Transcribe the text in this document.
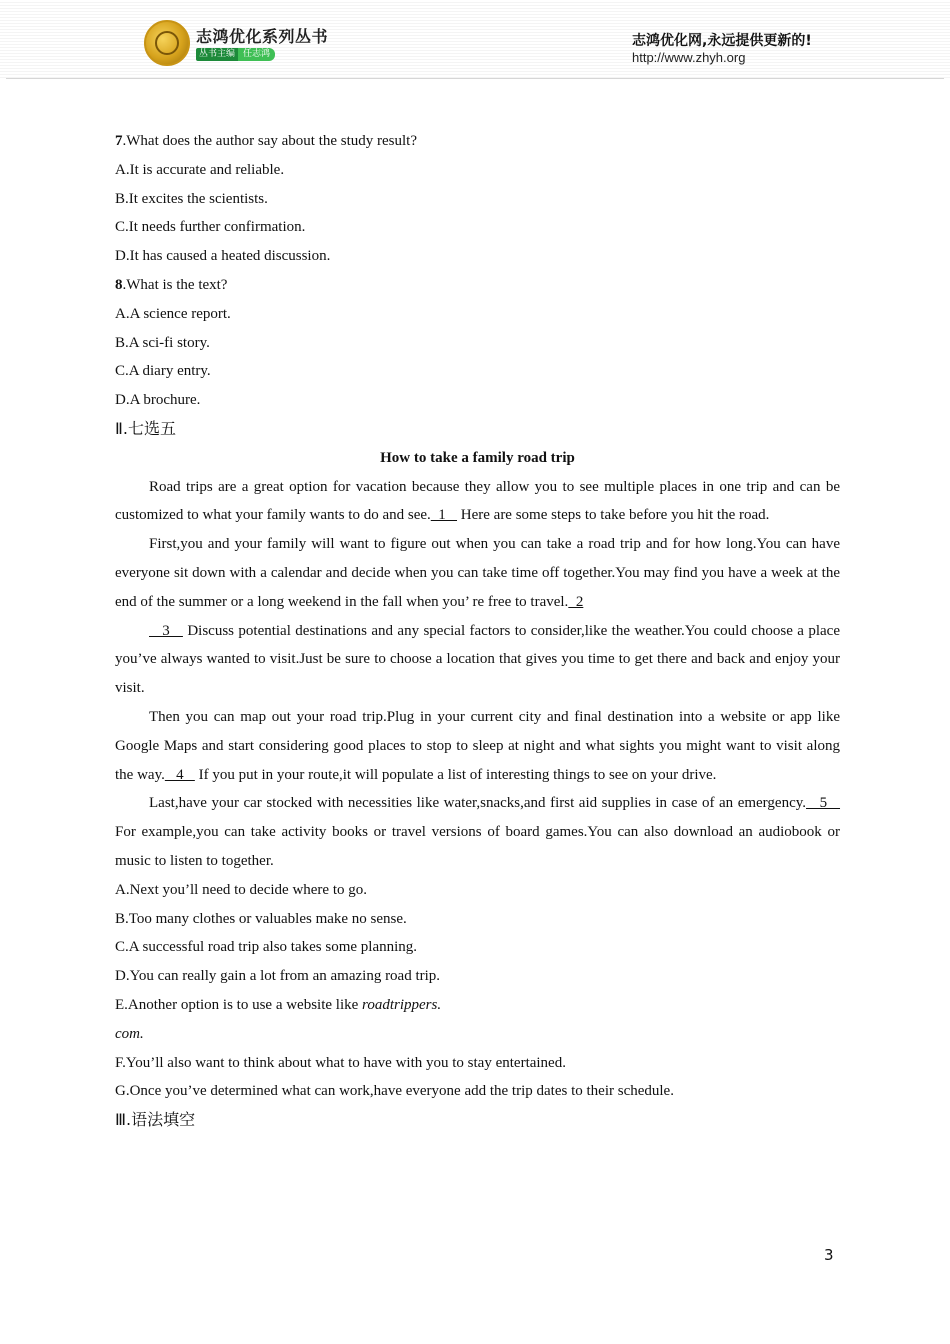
志鸿优化系列丛书
丛书主编 任志鸿
志鸿优化网,永远提供更新的!
http://www.zhyh.org
7.What does the author say about the study result?
A.It is accurate and reliable.
B.It excites the scientists.
C.It needs further confirmation.
D.It has caused a heated discussion.
8.What is the text?
A.A science report.
B.A sci-fi story.
C.A diary entry.
D.A brochure.
Ⅱ.七选五
How to take a family road trip
Road trips are a great option for vacation because they allow you to see multiple places in one trip and can be customized to what your family wants to do and see.  1    Here are some steps to take before you hit the road.
First,you and your family will want to figure out when you can take a road trip and for how long.You can have everyone sit down with a calendar and decide when you can take time off together.You may find you have a week at the end of the summer or a long weekend in the fall when you’ re free to travel.  2
3    Discuss potential destinations and any special factors to consider,like the weather.You could choose a place you’ve always wanted to visit.Just be sure to choose a location that gives you time to get there and back and enjoy your visit.
Then you can map out your road trip.Plug in your current city and final destination into a website or app like Google Maps and start considering good places to stop to sleep at night and what sights you might want to visit along the way.   4    If you put in your route,it will populate a list of interesting things to see on your drive.
Last,have your car stocked with necessities like water,snacks,and first aid supplies in case of an emergency.   5    For example,you can take activity books or travel versions of board games.You can also download an audiobook or music to listen to together.
A.Next you’ll need to decide where to go.
B.Too many clothes or valuables make no sense.
C.A successful road trip also takes some planning.
D.You can really gain a lot from an amazing road trip.
E.Another option is to use a website like roadtrippers.
com.
F.You’ll also want to think about what to have with you to stay entertained.
G.Once you’ve determined what can work,have everyone add the trip dates to their schedule.
Ⅲ.语法填空
3
